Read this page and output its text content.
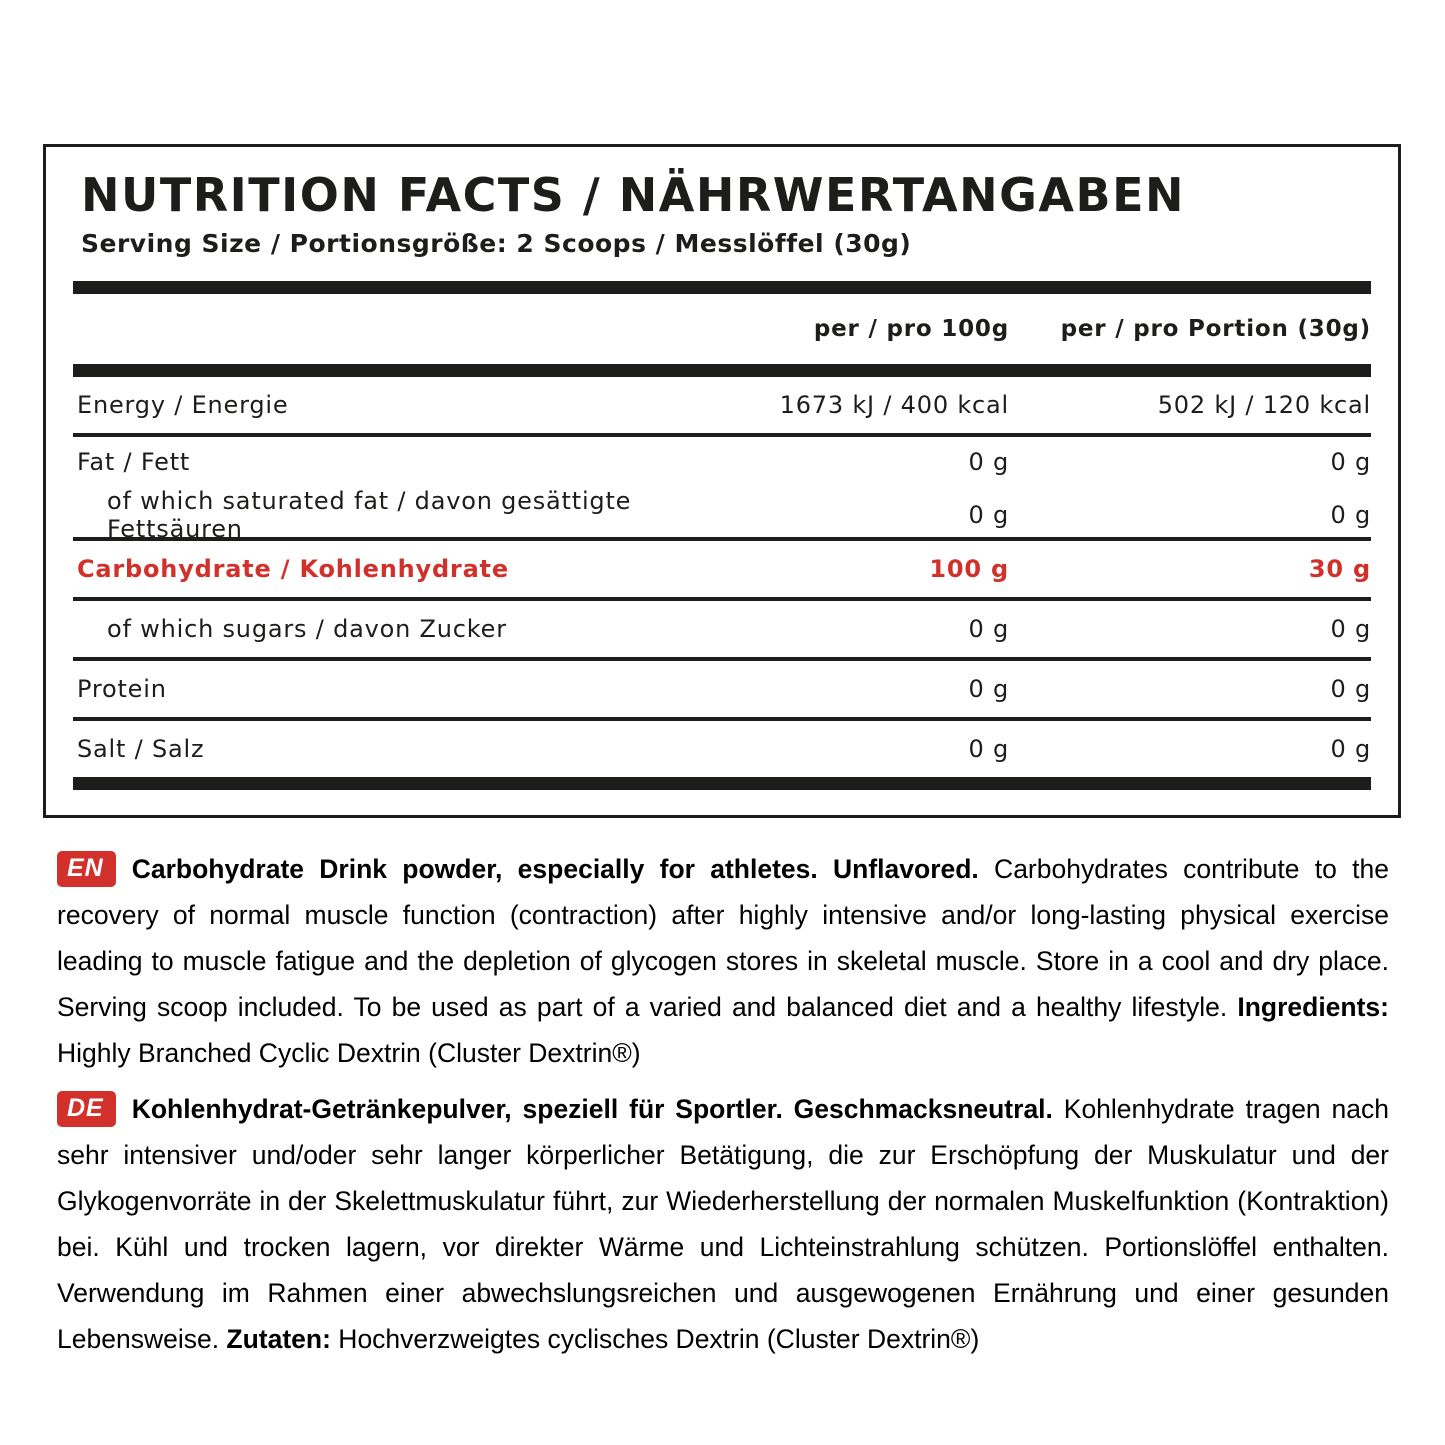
NUTRITION FACTS / NÄHRWERTANGABEN
Serving Size / Portionsgröße: 2 Scoops / Messlöffel (30g)
per / pro 100g	per / pro Portion (30g)
Energy / Energie	1673 kJ / 400 kcal	502 kJ / 120 kcal
Fat / Fett	0 g	0 g
of which saturated fat / davon gesättigte Fettsäuren	0 g	0 g
Carbohydrate / Kohlenhydrate	100 g	30 g
of which sugars / davon Zucker	0 g	0 g
Protein	0 g	0 g
Salt / Salz	0 g	0 g
EN Carbohydrate Drink powder, especially for athletes. Unflavored. Carbohydrates contribute to the recovery of normal muscle function (contraction) after highly intensive and/or long-lasting physical exercise leading to muscle fatigue and the depletion of glycogen stores in skeletal muscle. Store in a cool and dry place. Serving scoop included. To be used as part of a varied and balanced diet and a healthy lifestyle. Ingredients: Highly Branched Cyclic Dextrin (Cluster Dextrin®)
DE Kohlenhydrat-Getränkepulver, speziell für Sportler. Geschmacksneutral. Kohlenhydrate tragen nach sehr intensiver und/oder sehr langer körperlicher Betätigung, die zur Erschöpfung der Muskulatur und der Glykogenvorräte in der Skelettmuskulatur führt, zur Wiederherstellung der normalen Muskelfunktion (Kontraktion) bei. Kühl und trocken lagern, vor direkter Wärme und Lichteinstrahlung schützen. Portionslöffel enthalten. Verwendung im Rahmen einer abwechslungsreichen und ausgewogenen Ernährung und einer gesunden Lebensweise. Zutaten: Hochverzweigtes cyclisches Dextrin (Cluster Dextrin®)
